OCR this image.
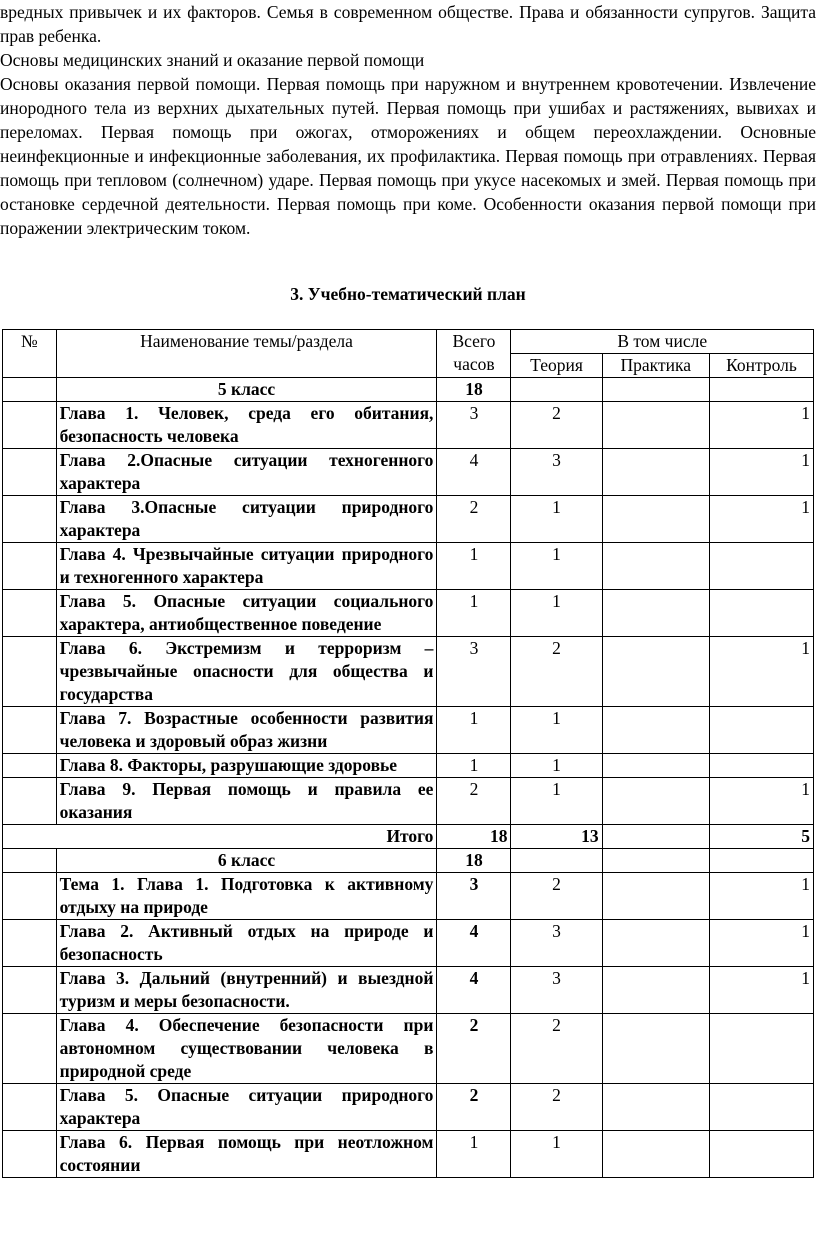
вредных привычек и их факторов. Семья в современном обществе. Права и обязанности супругов. Защита прав ребенка.

Основы медицинских знаний и оказание первой помощи

Основы оказания первой помощи. Первая помощь при наружном и внутреннем кровотечении. Извлечение инородного тела из верхних дыхательных путей. Первая помощь при ушибах и растяжениях, вывихах и переломах. Первая помощь при ожогах, отморожениях и общем переохлаждении. Основные неинфекционные и инфекционные заболевания, их профилактика. Первая помощь при отравлениях. Первая помощь при тепловом (солнечном) ударе. Первая помощь при укусе насекомых и змей. Первая помощь при остановке сердечной деятельности. Первая помощь при коме. Особенности оказания первой помощи при поражении электрическим током.

3. Учебно-тематический план

№	Наименование темы/раздела	Всего часов	В том числе		
			Теория	Практика	Контроль
	5 класс	18			
	Глава 1. Человек, среда его обитания, безопасность человека	3	2		1
	Глава 2.Опасные ситуации техногенного характера	4	3		1
	Глава 3.Опасные ситуации природного характера	2	1		1
	Глава 4. Чрезвычайные ситуации природного и техногенного характера	1	1		
	Глава 5. Опасные ситуации социального характера, антиобщественное поведение	1	1		
	Глава 6. Экстремизм и терроризм – чрезвычайные опасности для общества и государства	3	2		1
	Глава 7. Возрастные особенности развития человека и здоровый образ жизни	1	1		
	Глава 8. Факторы, разрушающие здоровье	1	1		
	Глава 9. Первая помощь и правила ее оказания	2	1		1
Итого		18	13		5
	6 класс	18			
	Тема 1. Глава 1. Подготовка к активному отдыху на природе	3	2		1
	Глава 2. Активный отдых на природе и безопасность	4	3		1
	Глава 3. Дальний (внутренний) и выездной туризм и меры безопасности.	4	3		1
	Глава 4. Обеспечение безопасности при автономном существовании человека в природной среде	2	2		
	Глава 5. Опасные ситуации природного характера	2	2		
	Глава 6. Первая помощь при неотложном состоянии	1	1		
